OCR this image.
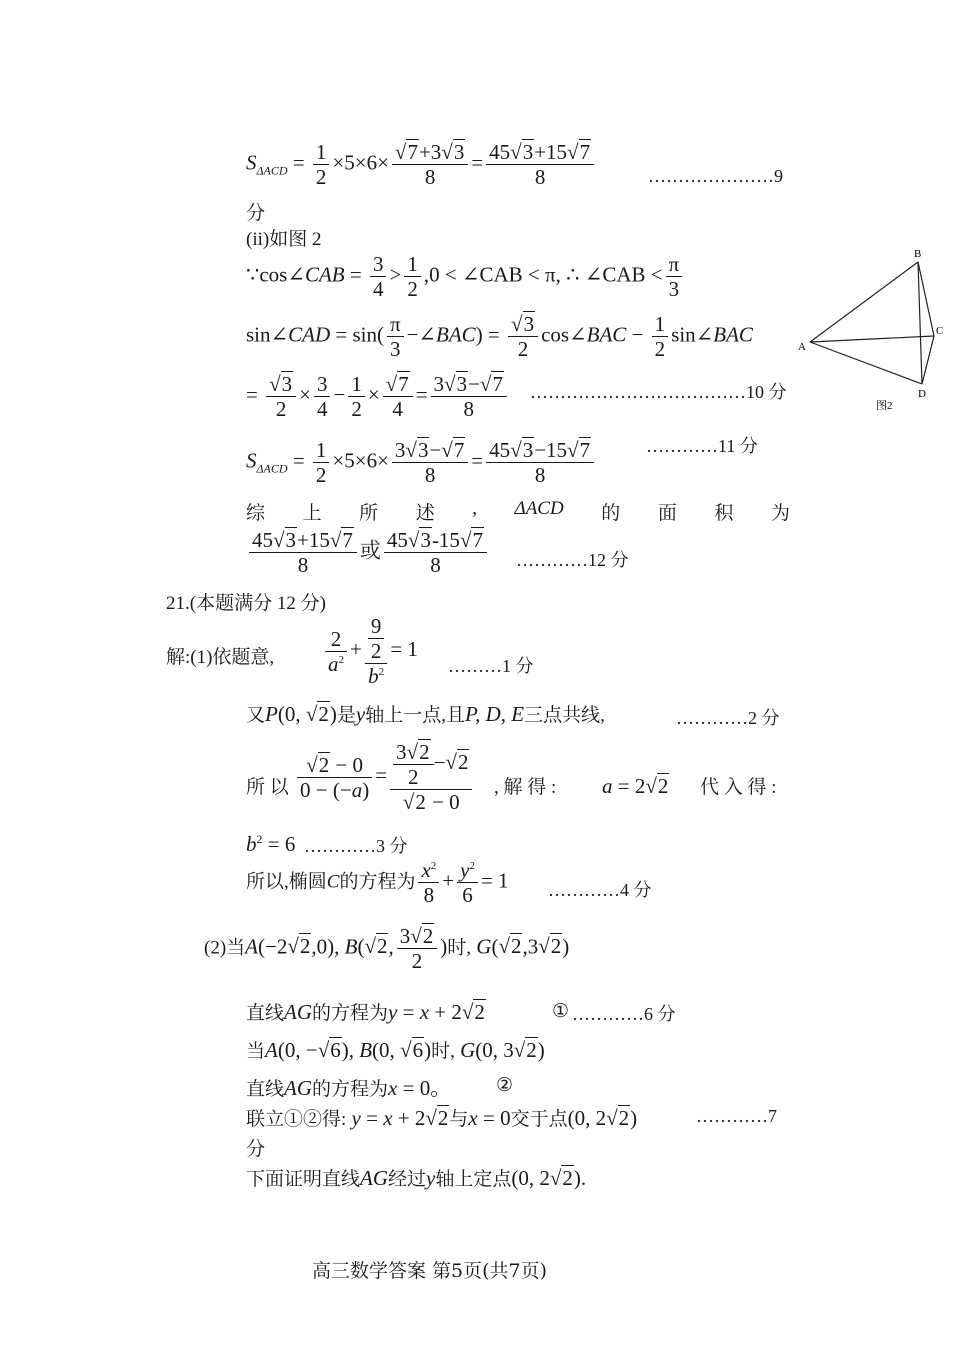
$S_{\Delta ACD} = \frac{1}{2} \times 5\times 6\times$ √ $\frac{7+3 √ 3}{8} = \frac{45 √ 3+15 √ 7}{8}$	…………………9
分
(ii)如图 2
∵cos∠CAB = $\frac{3}{4} > \frac{1}{2} ,0$ < ∠CAB < π, ∴ ∠CAB < $\frac{\pi}{3}$
sin∠CAD = $\sin( \frac{\pi}{3}$ −∠BAC) = √ $\frac{3}{2}$ cos∠BAC − $\frac{1}{2}$ sin∠BAC
= √ $\frac{3}{2} \times \frac{3}{4} - \frac{1}{2}$ × √ $\frac{7}{4} = \frac{3 √ 3- √ 7}{8}$ ………………………………10 分
$S_{\Delta ACD} = \frac{1}{2} \times 5\times 6\times \frac{3 √ 3- √ 7}{8} = \frac{45 √ 3-15 √ 7}{8}$	…………11 分
综 上 所 述 , ΔACD 的 面 积 为
$\frac{45 √ 3+15 √ 7}{8}$ 或 $\frac{45 √ 3-15 √ 7}{8}$ …………12 分
A
B
C
D
图2
21.(本题满分 12 分)
解:(1)依题意, $\frac{2}{a^2} + \frac{\frac{9}{2}}{b^2} = 1$
………1 分
又P(0, √ 2)是y轴上一点,且P, D, E三点共线,	…………2 分
所 以 √ $\frac{2 - 0}{0 - (-a)} = \frac{3 √ 2}{2}$ − √ 2
√ 2 − 0 , 解 得 : a = 2 √ 2 代 入 得 :
$b^2 = 6$ …………3 分
所以,椭圆C的方程为 $\frac{x^2}{8} + \frac{y^2}{6} = 1$ …………4 分
(2)当A(−2 √ 2,0), B( √ 2, $\frac{3 √ 2}{2}$ )时, G( √ 2,3 √ 2)
直线AG的方程为y = x + 2 √ 2	① …………6 分
当A(0, − √ 6), B(0, √ 6)时, G(0, 3 √ 2)
直线AG的方程为x = 0。 ②
联立①②得: y = x + 2 √ 2与x = 0交于点(0, 2 √ 2)	…………7
分
下面证明直线AG经过y轴上定点(0, 2 √ 2).
高三数学答案 第5页(共7页)
